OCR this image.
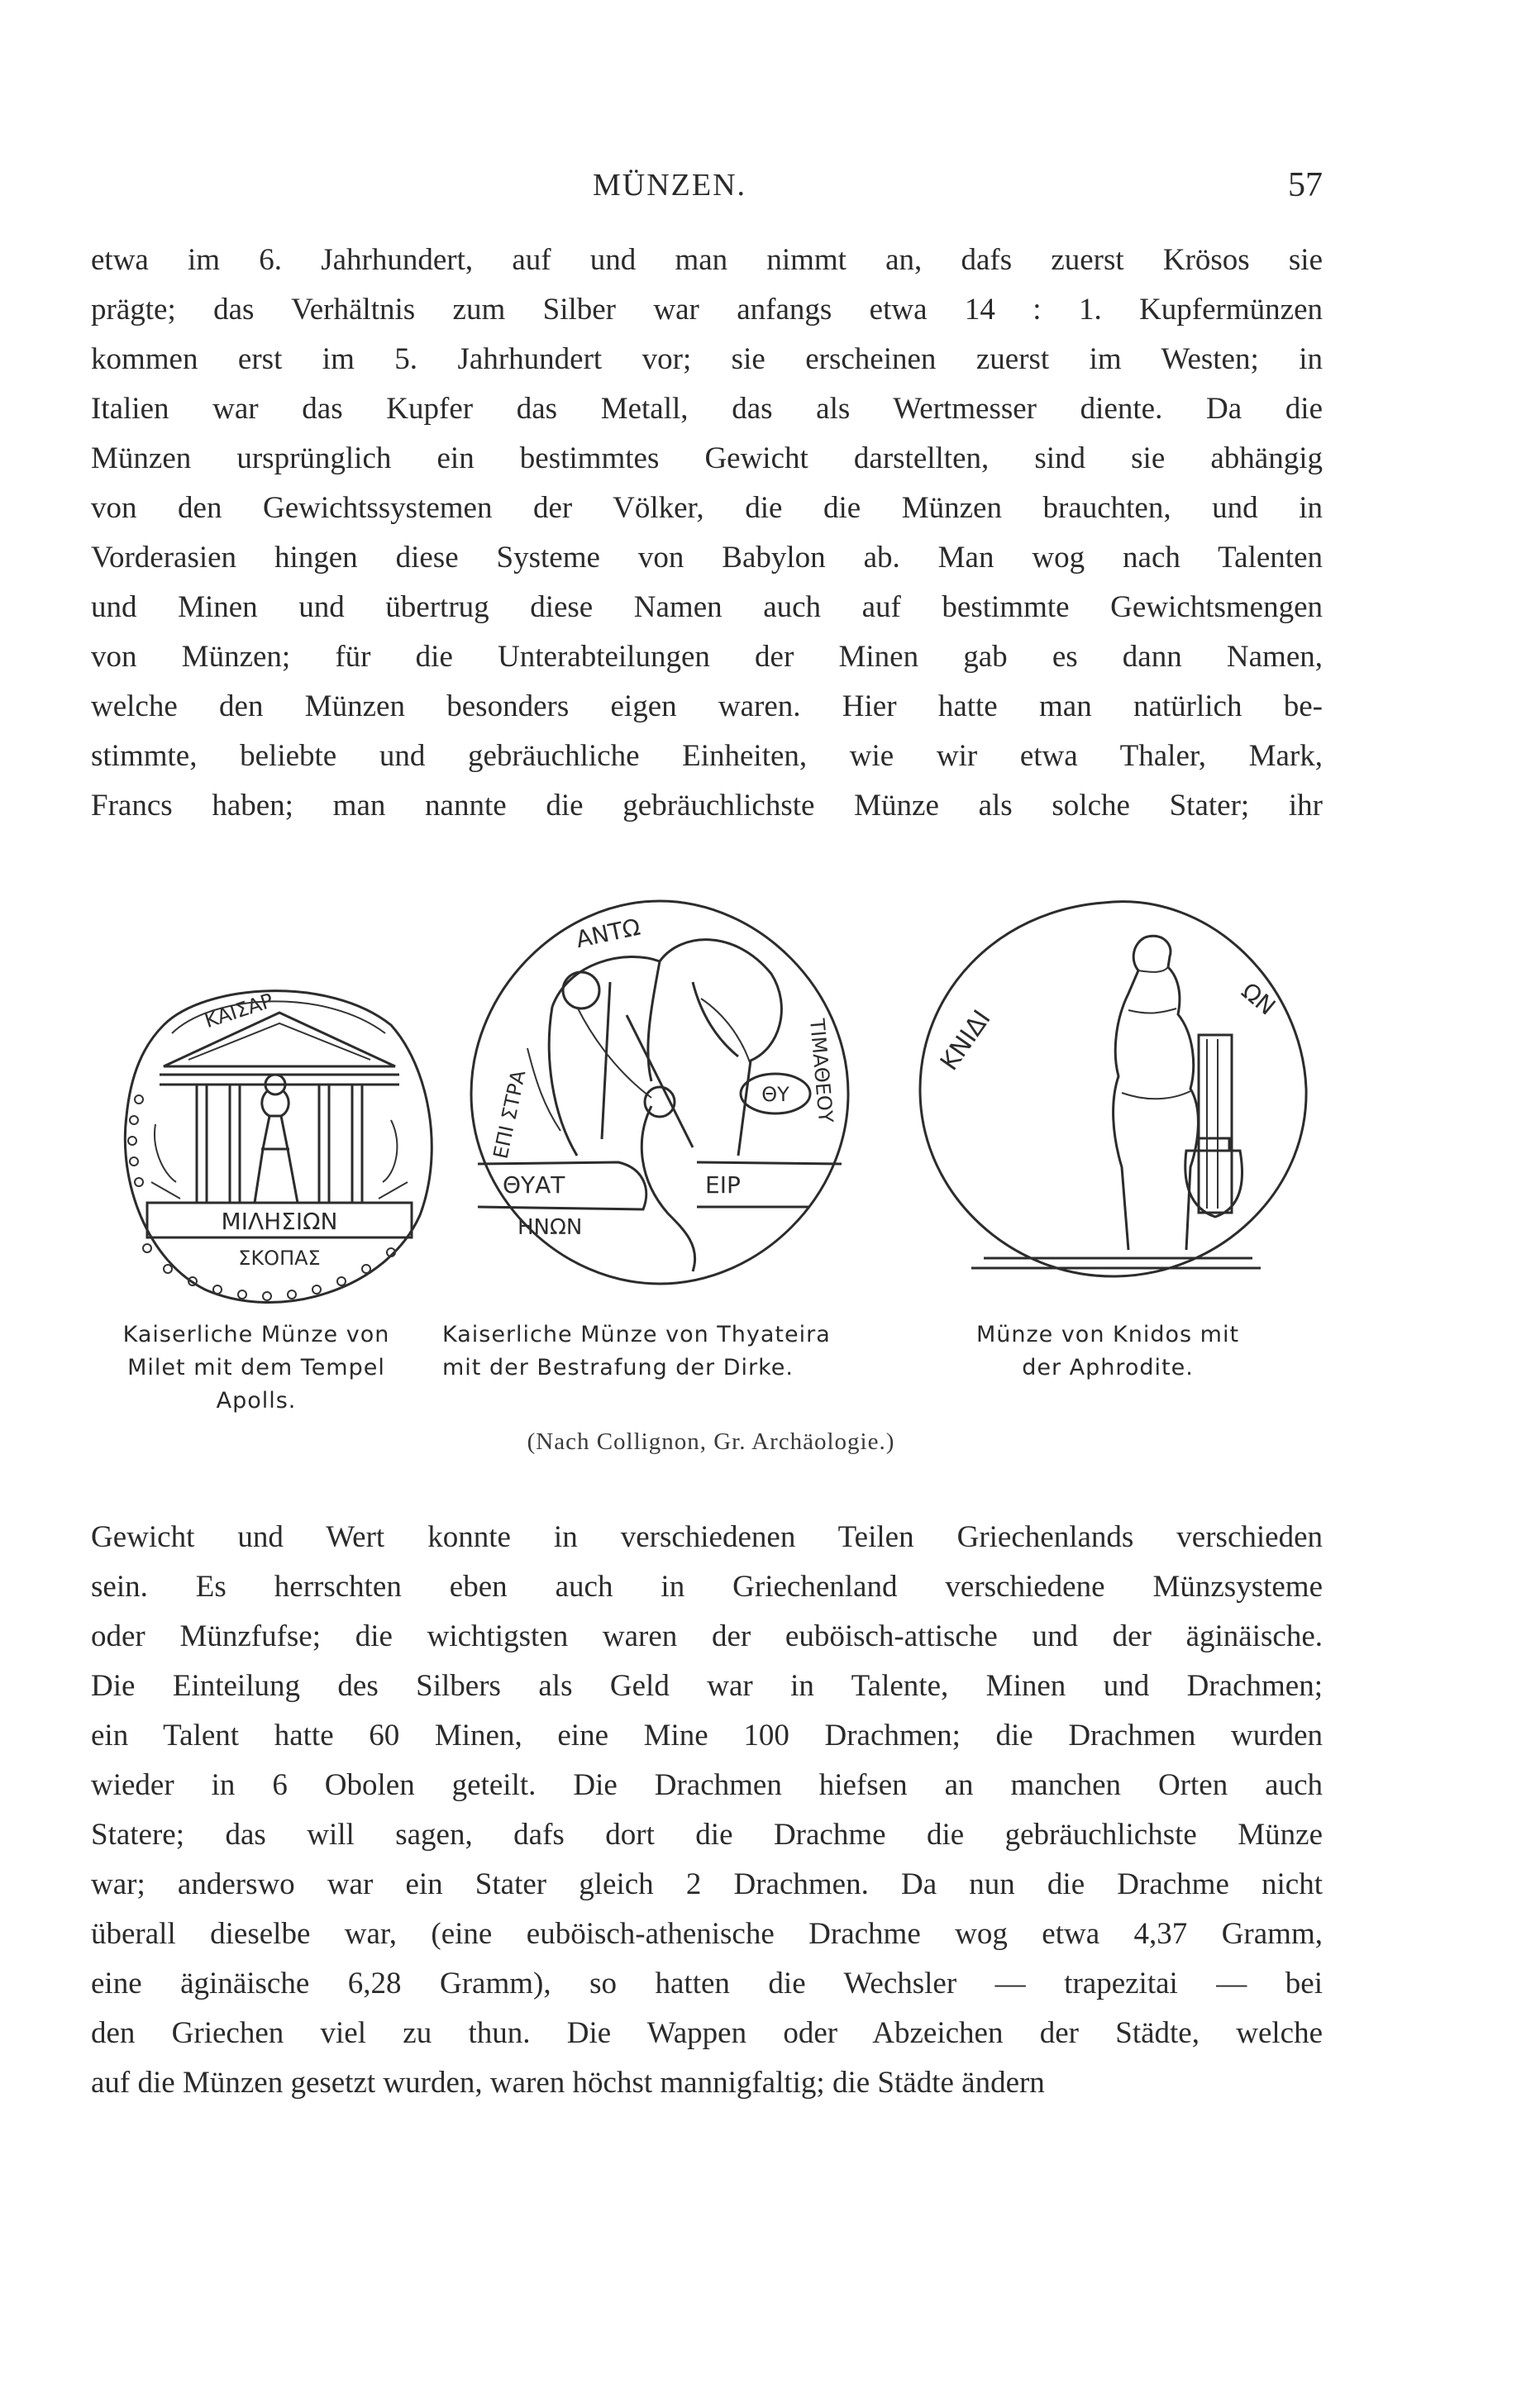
MÜNZEN.	57
etwa im 6. Jahrhundert, auf und man nimmt an, dafs zuerst Krösos sie
prägte; das Verhältnis zum Silber war anfangs etwa 14 : 1. Kupfermünzen
kommen erst im 5. Jahrhundert vor; sie erscheinen zuerst im Westen; in
Italien war das Kupfer das Metall, das als Wertmesser diente. Da die
Münzen ursprünglich ein bestimmtes Gewicht darstellten, sind sie abhängig
von den Gewichtssystemen der Völker, die die Münzen brauchten, und in
Vorderasien hingen diese Systeme von Babylon ab. Man wog nach Talenten
und Minen und übertrug diese Namen auch auf bestimmte Gewichtsmengen
von Münzen; für die Unterabteilungen der Minen gab es dann Namen,
welche den Münzen besonders eigen waren. Hier hatte man natürlich be-
stimmte, beliebte und gebräuchliche Einheiten, wie wir etwa Thaler, Mark,
Francs haben; man nannte die gebräuchlichste Münze als solche Stater; ihr
ΚΑΙΣΑΡ
ΜΙΛΗΣΙΩΝ
ΣΚΟΠΑΣ
Kaiserliche Münze von
Milet mit dem Tempel
Apolls.
ΑΝΤΩ
ΕΠΙ ΣΤΡΑ	ΤΙΜΑΘΕΟΥ
ΘΥ
ΘΥΑΤ	ΕΙΡ
ΗΝΩΝ
Kaiserliche Münze von Thyateira
mit der Bestrafung der Dirke.
ΚΝΙΔΙ
ΩΝ
Münze von Knidos mit
der Aphrodite.
(Nach Collignon, Gr. Archäologie.)
Gewicht und Wert konnte in verschiedenen Teilen Griechenlands verschieden
sein. Es herrschten eben auch in Griechenland verschiedene Münzsysteme
oder Münzfufse; die wichtigsten waren der euböisch-attische und der äginäische.
Die Einteilung des Silbers als Geld war in Talente, Minen und Drachmen;
ein Talent hatte 60 Minen, eine Mine 100 Drachmen; die Drachmen wurden
wieder in 6 Obolen geteilt. Die Drachmen hiefsen an manchen Orten auch
Statere; das will sagen, dafs dort die Drachme die gebräuchlichste Münze
war; anderswo war ein Stater gleich 2 Drachmen. Da nun die Drachme nicht
überall dieselbe war, (eine euböisch-athenische Drachme wog etwa 4,37 Gramm,
eine äginäische 6,28 Gramm), so hatten die Wechsler — trapezitai — bei
den Griechen viel zu thun. Die Wappen oder Abzeichen der Städte, welche
auf die Münzen gesetzt wurden, waren höchst mannigfaltig; die Städte ändern
